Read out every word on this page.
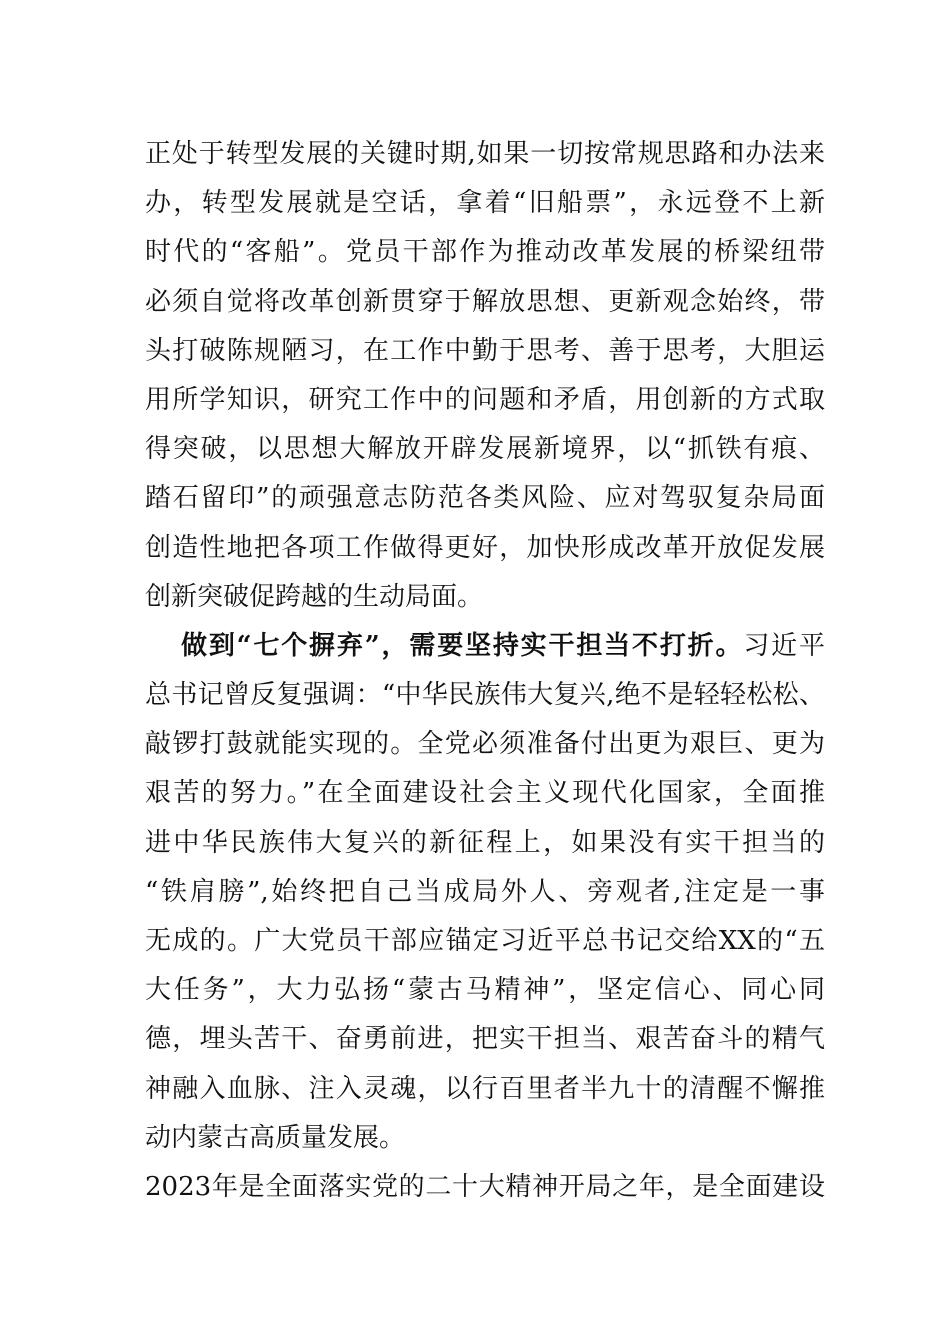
正处于转型发展的关键时期,如果一切按常规思路和办法来
办，转型发展就是空话，拿着“旧船票”，永远登不上新
时代的“客船”。党员干部作为推动改革发展的桥梁纽带
必须自觉将改革创新贯穿于解放思想、更新观念始终，带
头打破陈规陋习，在工作中勤于思考、善于思考，大胆运
用所学知识，研究工作中的问题和矛盾，用创新的方式取
得突破，以思想大解放开辟发展新境界，以“抓铁有痕、
踏石留印”的顽强意志防范各类风险、应对驾驭复杂局面
创造性地把各项工作做得更好，加快形成改革开放促发展
创新突破促跨越的生动局面。
做到“七个摒弃”，需要坚持实干担当不打折。习近平
总书记曾反复强调：“中华民族伟大复兴,绝不是轻轻松松、
敲锣打鼓就能实现的。全党必须准备付出更为艰巨、更为
艰苦的努力。”在全面建设社会主义现代化国家，全面推
进中华民族伟大复兴的新征程上，如果没有实干担当的
“铁肩膀”,始终把自己当成局外人、旁观者,注定是一事
无成的。广大党员干部应锚定习近平总书记交给XX的“五
大任务”，大力弘扬“蒙古马精神”，坚定信心、同心同
德，埋头苦干、奋勇前进，把实干担当、艰苦奋斗的精气
神融入血脉、注入灵魂，以行百里者半九十的清醒不懈推
动内蒙古高质量发展。
2023年是全面落实党的二十大精神开局之年，是全面建设
